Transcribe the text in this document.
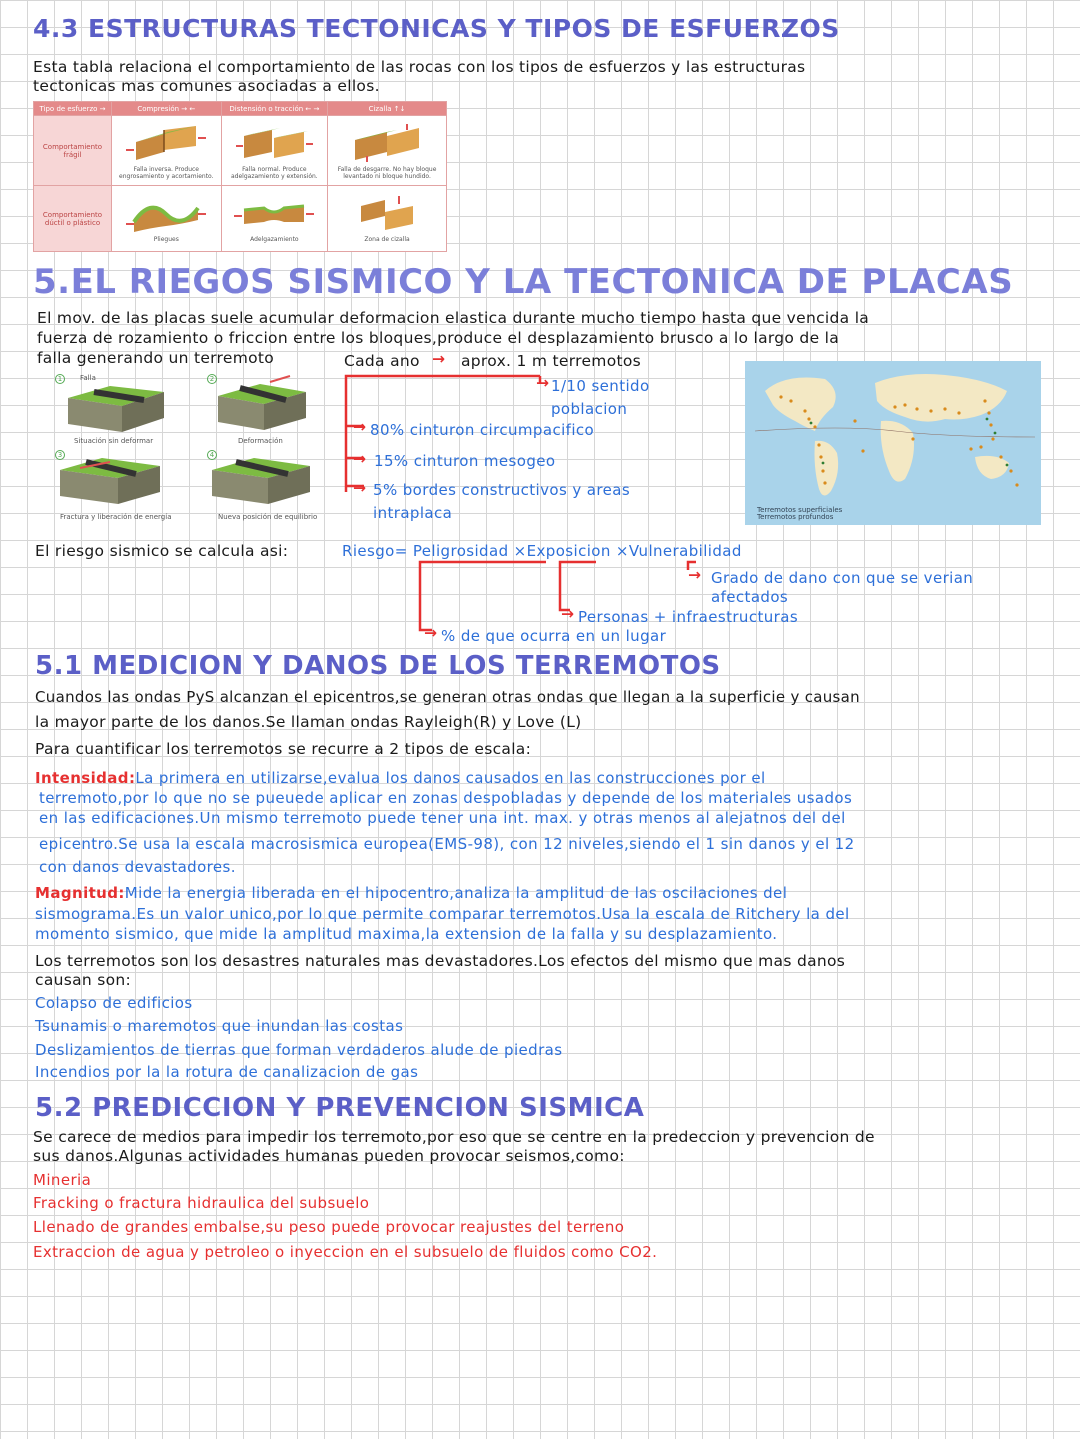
4.3 ESTRUCTURAS TECTONICAS Y TIPOS DE ESFUERZOS
Esta tabla relaciona el comportamiento de las rocas con los tipos de esfuerzos y las estructuras
tectonicas mas comunes asociadas a ellos.
Tipo de esfuerzo →	Compresión → ←	Distensión o tracción ← →	Cizalla ↑↓
Comportamiento frágil	Falla inversa. Produce engrosamiento y acortamiento.	Falla normal. Produce adelgazamiento y extensión.	Falla de desgarre. No hay bloque levantado ni bloque hundido.

Comportamiento dúctil o plástico	Pliegues	Adelgazamiento	Zona de cizalla
5.EL RIEGOS SISMICO Y LA TECTONICA DE PLACAS
El mov. de las placas suele acumular deformacion elastica durante mucho tiempo hasta que vencida la
fuerza de rozamiento o friccion entre los bloques,produce el desplazamiento brusco a lo largo de la
falla generando un terremoto	Cada ano → aprox. 1 m terremotos
1	Falla	2
3	4
Situación sin deformar	Deformación
Fractura y liberación de energía	Nueva posición de equilibrio
→ 1/10 sentido
poblacion
→ 80% cinturon circumpacifico
→ 15% cinturon mesogeo
→ 5% bordes constructivos y areas
intraplaca	Terremotos superficiales
Terremotos profundos
El riesgo sismico se calcula asi:	Riesgo= Peligrosidad ×Exposicion ×Vulnerabilidad
→ Grado de dano con que se verian
afectados
→ Personas + infraestructuras
→ % de que ocurra en un lugar
5.1 MEDICION Y DANOS DE LOS TERREMOTOS
Cuandos las ondas PyS alcanzan el epicentros,se generan otras ondas que llegan a la superficie y causan
la mayor parte de los danos.Se llaman ondas Rayleigh(R) y Love (L)
Para cuantificar los terremotos se recurre a 2 tipos de escala:
Intensidad:La primera en utilizarse,evalua los danos causados en las construcciones por el
terremoto,por lo que no se pueuede aplicar en zonas despobladas y depende de los materiales usados
en las edificaciones.Un mismo terremoto puede tener una int. max. y otras menos al alejatnos del del
epicentro.Se usa la escala macrosismica europea(EMS-98), con 12 niveles,siendo el 1 sin danos y el 12
con danos devastadores.
Magnitud:Mide la energia liberada en el hipocentro,analiza la amplitud de las oscilaciones del
sismograma.Es un valor unico,por lo que permite comparar terremotos.Usa la escala de Ritchery la del
momento sismico, que mide la amplitud maxima,la extension de la falla y su desplazamiento.
Los terremotos son los desastres naturales mas devastadores.Los efectos del mismo que mas danos
causan son:
Colapso de edificios
Tsunamis o maremotos que inundan las costas
Deslizamientos de tierras que forman verdaderos alude de piedras
Incendios por la la rotura de canalizacion de gas
5.2 PREDICCION Y PREVENCION SISMICA
Se carece de medios para impedir los terremoto,por eso que se centre en la predeccion y prevencion de
sus danos.Algunas actividades humanas pueden provocar seismos,como:
Mineria
Fracking o fractura hidraulica del subsuelo
Llenado de grandes embalse,su peso puede provocar reajustes del terreno
Extraccion de agua y petroleo o inyeccion en el subsuelo de fluidos como CO2.
